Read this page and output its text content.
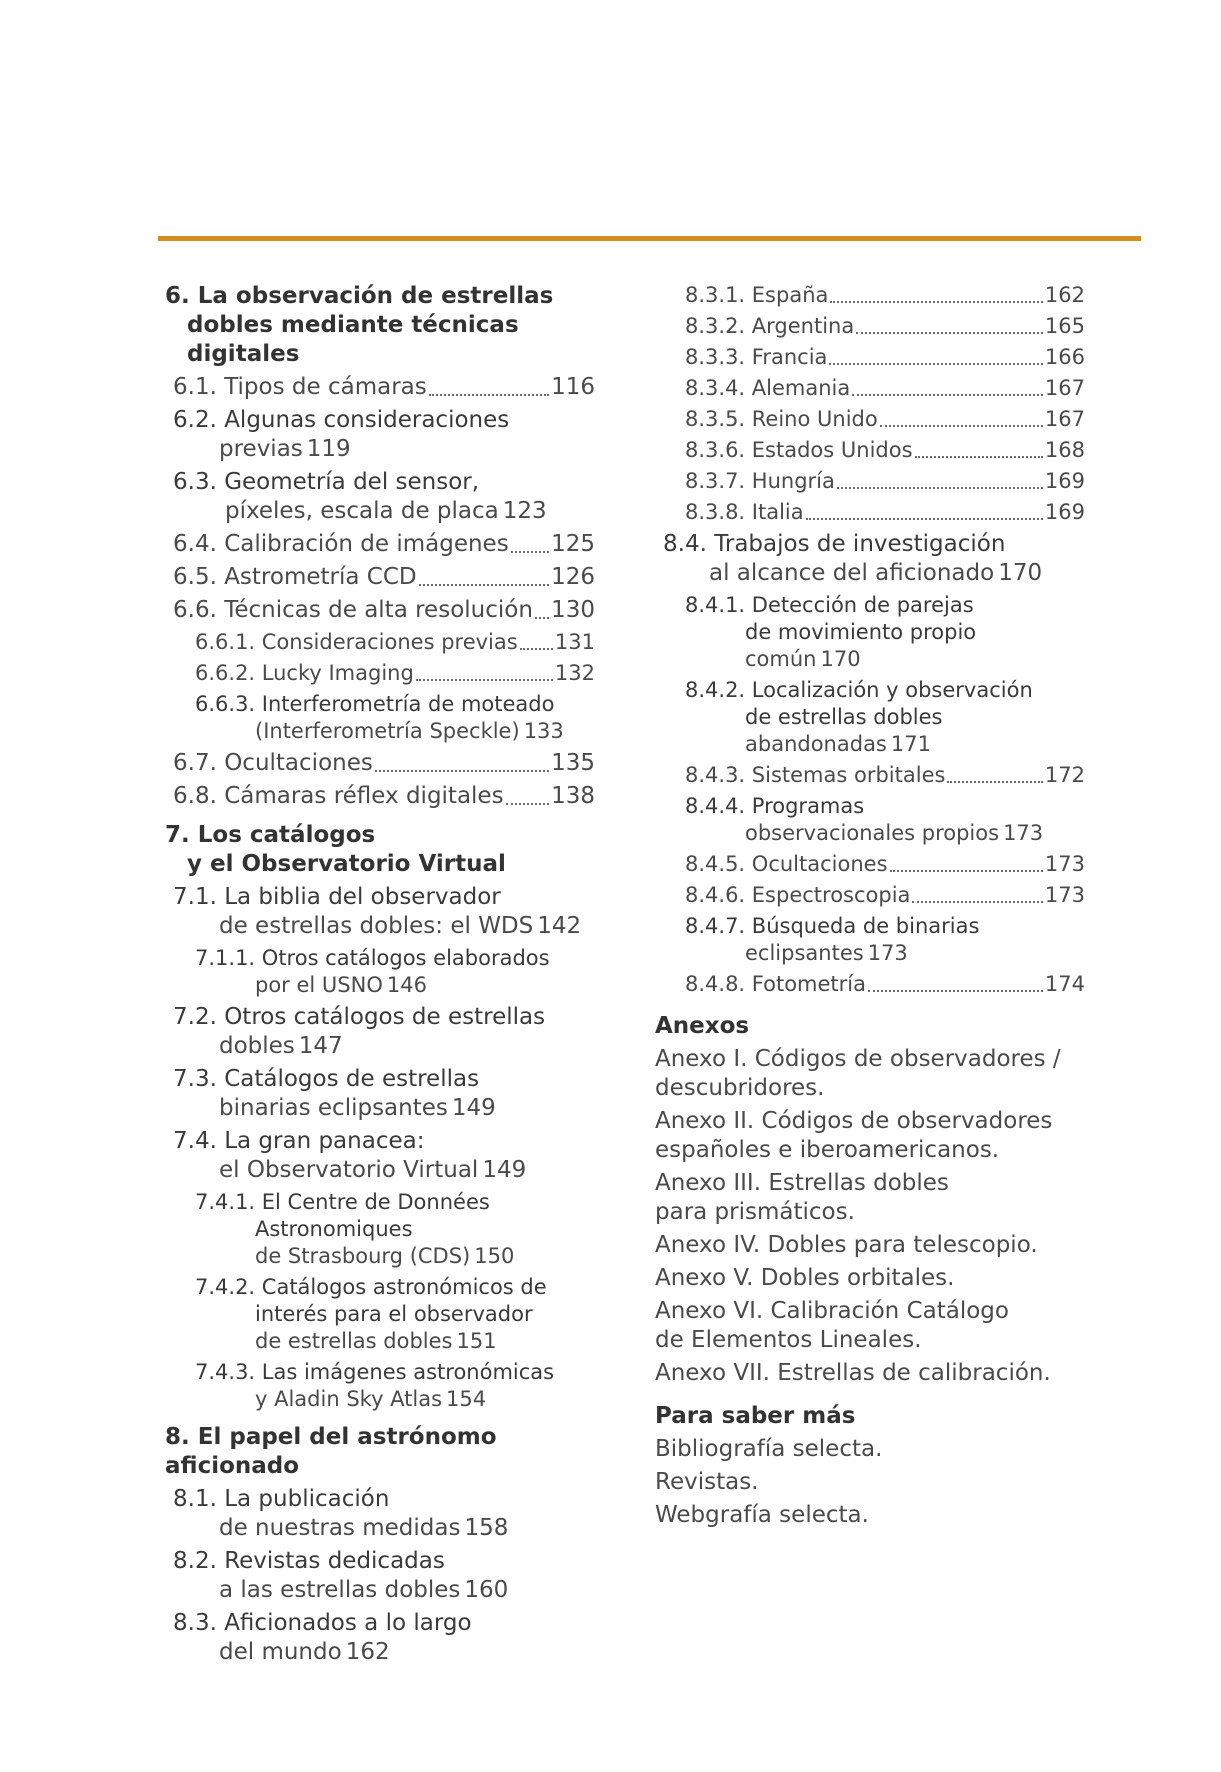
6. La observación de estrellas
dobles mediante técnicas
digitales
6.1. Tipos de cámaras	116
6.2. Algunas consideraciones
previas 119
6.3. Geometría del sensor,
píxeles, escala de placa 123
6.4. Calibración de imágenes 125
6.5. Astrometría CCD	126
6.6. Técnicas de alta resolución 130
6.6.1. Consideraciones previas 131
6.6.2. Lucky Imaging	132
6.6.3. Interferometría de moteado
(Interferometría Speckle) 133
6.7. Ocultaciones	135
6.8. Cámaras réflex digitales 138
7. Los catálogos
y el Observatorio Virtual
7.1. La biblia del observador
de estrellas dobles: el WDS 142
7.1.1. Otros catálogos elaborados
por el USNO 146
7.2. Otros catálogos de estrellas
dobles 147
7.3. Catálogos de estrellas
binarias eclipsantes 149
7.4. La gran panacea:
el Observatorio Virtual 149
7.4.1. El Centre de Données
Astronomiques
de Strasbourg (CDS) 150
7.4.2. Catálogos astronómicos de
interés para el observador
de estrellas dobles 151
7.4.3. Las imágenes astronómicas
y Aladin Sky Atlas 154
8. El papel del astrónomo aficionado
8.1. La publicación
de nuestras medidas 158
8.2. Revistas dedicadas
a las estrellas dobles 160
8.3. Aficionados a lo largo
del mundo 162
8.3.1. España	162
8.3.2. Argentina	165
8.3.3. Francia	166
8.3.4. Alemania	167
8.3.5. Reino Unido	167
8.3.6. Estados Unidos	168
8.3.7. Hungría	169
8.3.8. Italia	169
8.4. Trabajos de investigación
al alcance del aficionado 170
8.4.1. Detección de parejas
de movimiento propio
común 170
8.4.2. Localización y observación
de estrellas dobles
abandonadas 171
8.4.3. Sistemas orbitales	172
8.4.4. Programas
observacionales propios 173
8.4.5. Ocultaciones	173
8.4.6. Espectroscopia	173
8.4.7. Búsqueda de binarias
eclipsantes 173
8.4.8. Fotometría	174
Anexos
Anexo I. Códigos de observadores /
descubridores.
Anexo II. Códigos de observadores
españoles e iberoamericanos.
Anexo III. Estrellas dobles
para prismáticos.
Anexo IV. Dobles para telescopio.
Anexo V. Dobles orbitales.
Anexo VI. Calibración Catálogo
de Elementos Lineales.
Anexo VII. Estrellas de calibración.
Para saber más
Bibliografía selecta.
Revistas.
Webgrafía selecta.
